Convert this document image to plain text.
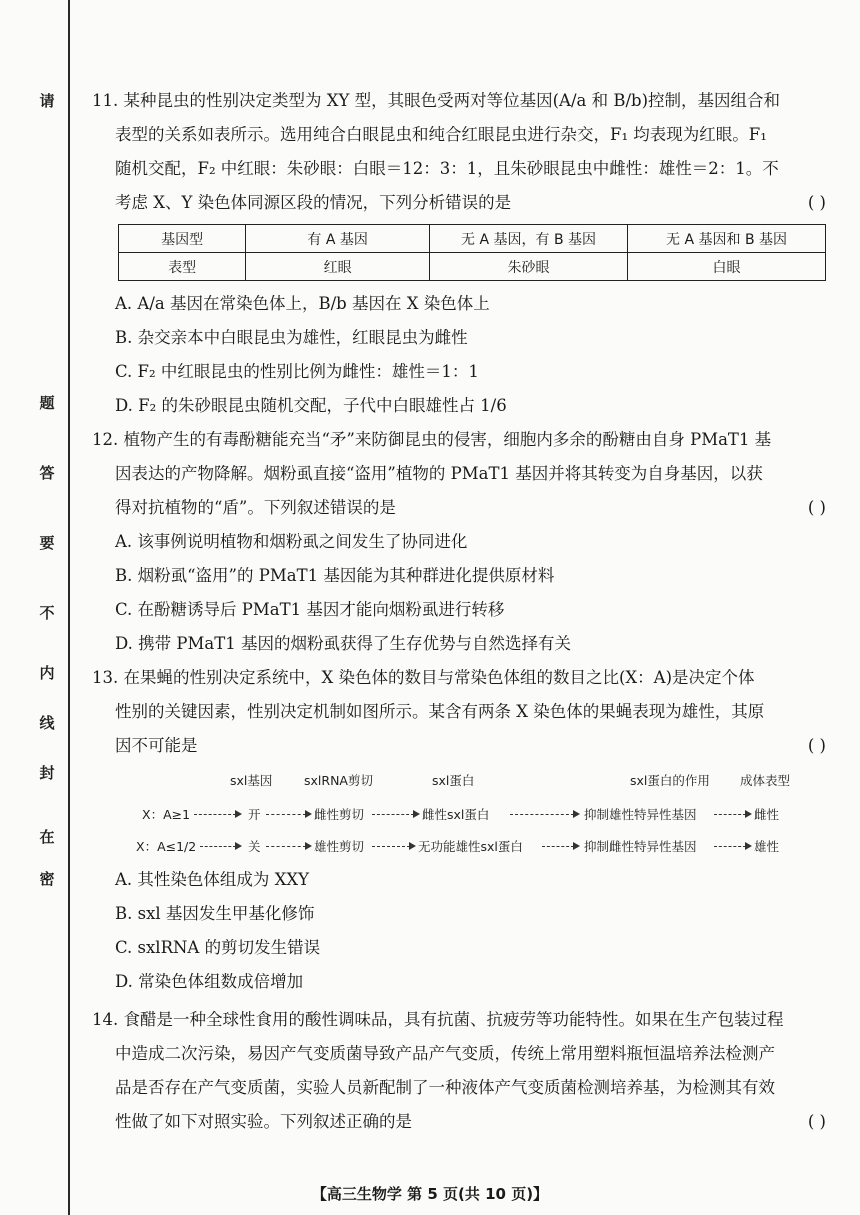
请
题
答
要
不
内
线
封
在
密
11. 某种昆虫的性别决定类型为 XY 型，其眼色受两对等位基因(A/a 和 B/b)控制，基因组合和
表型的关系如表所示。选用纯合白眼昆虫和纯合红眼昆虫进行杂交，F₁ 均表现为红眼。F₁
随机交配，F₂ 中红眼：朱砂眼：白眼＝12：3：1，且朱砂眼昆虫中雌性：雄性＝2：1。不
考虑 X、Y 染色体同源区段的情况，下列分析错误的是	( )
基因型	有 A 基因	无 A 基因，有 B 基因	无 A 基因和 B 基因
表型	红眼	朱砂眼	白眼
A. A/a 基因在常染色体上，B/b 基因在 X 染色体上
B. 杂交亲本中白眼昆虫为雄性，红眼昆虫为雌性
C. F₂ 中红眼昆虫的性别比例为雌性：雄性＝1：1
D. F₂ 的朱砂眼昆虫随机交配，子代中白眼雄性占 1/6
12. 植物产生的有毒酚糖能充当“矛”来防御昆虫的侵害，细胞内多余的酚糖由自身 PMaT1 基
因表达的产物降解。烟粉虱直接“盗用”植物的 PMaT1 基因并将其转变为自身基因，以获
得对抗植物的“盾”。下列叙述错误的是	( )
A. 该事例说明植物和烟粉虱之间发生了协同进化
B. 烟粉虱“盗用”的 PMaT1 基因能为其种群进化提供原材料
C. 在酚糖诱导后 PMaT1 基因才能向烟粉虱进行转移
D. 携带 PMaT1 基因的烟粉虱获得了生存优势与自然选择有关
13. 在果蝇的性别决定系统中，X 染色体的数目与常染色体组的数目之比(X：A)是决定个体
性别的关键因素，性别决定机制如图所示。某含有两条 X 染色体的果蝇表现为雄性，其原
因不可能是	( )
sxl基因	sxlRNA剪切	sxl蛋白	sxl蛋白的作用 成体表型
X：A≥1	开	雌性剪切	雌性sxl蛋白	抑制雄性特异性基因	雌性
X：A≤1/2	关	雄性剪切	无功能雄性sxl蛋白	抑制雌性特异性基因	雄性
A. 其性染色体组成为 XXY
B. sxl 基因发生甲基化修饰
C. sxlRNA 的剪切发生错误
D. 常染色体组数成倍增加
14. 食醋是一种全球性食用的酸性调味品，具有抗菌、抗疲劳等功能特性。如果在生产包装过程
中造成二次污染，易因产气变质菌导致产品产气变质，传统上常用塑料瓶恒温培养法检测产
品是否存在产气变质菌，实验人员新配制了一种液体产气变质菌检测培养基，为检测其有效
性做了如下对照实验。下列叙述正确的是	( )
【高三生物学 第 5 页(共 10 页)】
